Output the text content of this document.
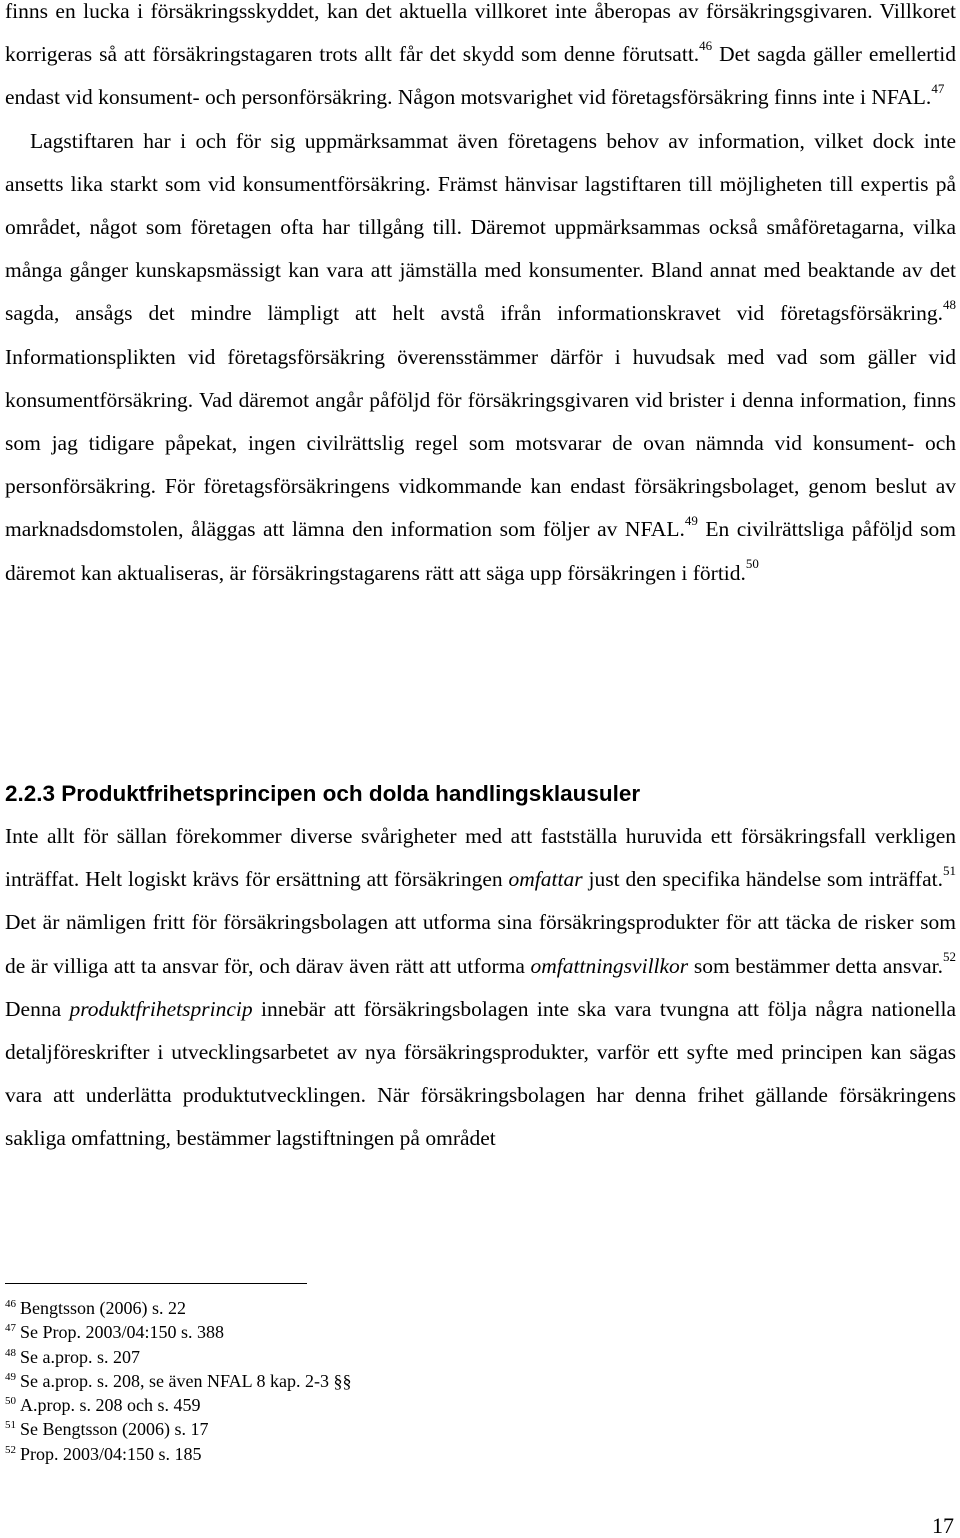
finns en lucka i försäkringsskyddet, kan det aktuella villkoret inte åberopas av försäkringsgivaren. Villkoret korrigeras så att försäkringstagaren trots allt får det skydd som denne förutsatt.$^{46}$ Det sagda gäller emellertid endast vid konsument- och personförsäkring. Någon motsvarighet vid företagsförsäkring finns inte i NFAL.$^{47}$
Lagstiftaren har i och för sig uppmärksammat även företagens behov av information, vilket dock inte ansetts lika starkt som vid konsumentförsäkring. Främst hänvisar lagstiftaren till möjligheten till expertis på området, något som företagen ofta har tillgång till. Däremot uppmärksammas också småföretagarna, vilka många gånger kunskapsmässigt kan vara att jämställa med konsumenter. Bland annat med beaktande av det sagda, ansågs det mindre lämpligt att helt avstå ifrån informationskravet vid företagsförsäkring.$^{48}$ Informationsplikten vid företagsförsäkring överensstämmer därför i huvudsak med vad som gäller vid konsumentförsäkring. Vad däremot angår påföljd för försäkringsgivaren vid brister i denna information, finns som jag tidigare påpekat, ingen civilrättslig regel som motsvarar de ovan nämnda vid konsument- och personförsäkring. För företagsförsäkringens vidkommande kan endast försäkringsbolaget, genom beslut av marknadsdomstolen, åläggas att lämna den information som följer av NFAL.$^{49}$ En civilrättsliga påföljd som däremot kan aktualiseras, är försäkringstagarens rätt att säga upp försäkringen i förtid.$^{50}$

2.2.3 Produktfrihetsprincipen och dolda handlingsklausuler

Inte allt för sällan förekommer diverse svårigheter med att fastställa huruvida ett försäkringsfall verkligen inträffat. Helt logiskt krävs för ersättning att försäkringen omfattar just den specifika händelse som inträffat.$^{51}$ Det är nämligen fritt för försäkringsbolagen att utforma sina försäkringsprodukter för att täcka de risker som de är villiga att ta ansvar för, och därav även rätt att utforma omfattningsvillkor som bestämmer detta ansvar.$^{52}$ Denna produktfrihetsprincip innebär att försäkringsbolagen inte ska vara tvungna att följa några nationella detaljföreskrifter i utvecklingsarbetet av nya försäkringsprodukter, varför ett syfte med principen kan sägas vara att underlätta produktutvecklingen. När försäkringsbolagen har denna frihet gällande försäkringens sakliga omfattning, bestämmer lagstiftningen på området

$^{46}$ Bengtsson (2006) s. 22
$^{47}$ Se Prop. 2003/04:150 s. 388
$^{48}$ Se a.prop. s. 207
$^{49}$ Se a.prop. s. 208, se även NFAL 8 kap. 2-3 §§
$^{50}$ A.prop. s. 208 och s. 459
$^{51}$ Se Bengtsson (2006) s. 17
$^{52}$ Prop. 2003/04:150 s. 185
17
